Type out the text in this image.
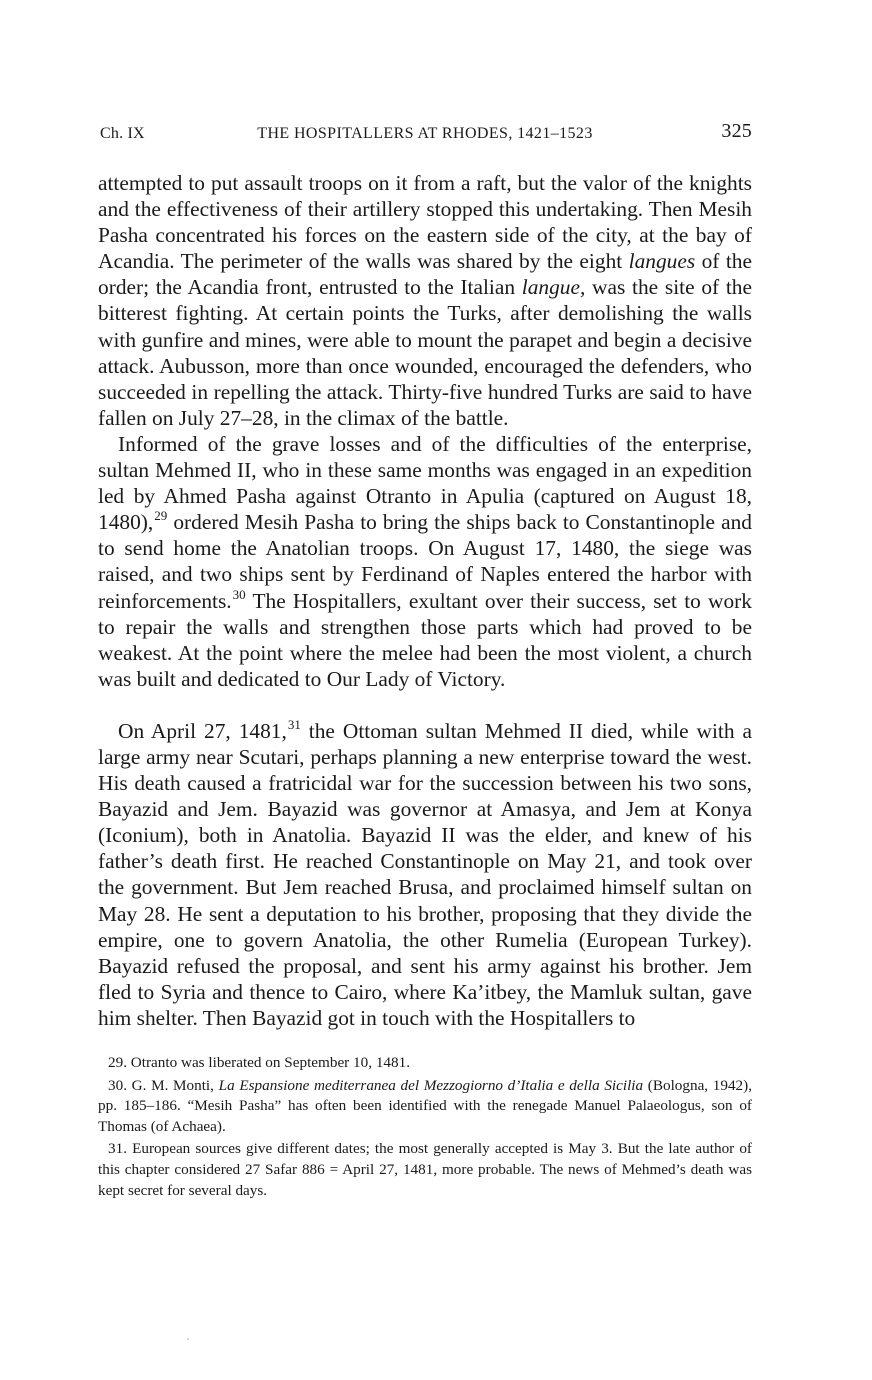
Ch. IX	THE HOSPITALLERS AT RHODES, 1421–1523	325

attempted to put assault troops on it from a raft, but the valor of the knights and the effectiveness of their artillery stopped this undertaking. Then Mesih Pasha concentrated his forces on the eastern side of the city, at the bay of Acandia. The perimeter of the walls was shared by the eight langues of the order; the Acandia front, entrusted to the Italian langue, was the site of the bitterest fighting. At certain points the Turks, after demolishing the walls with gunfire and mines, were able to mount the parapet and begin a decisive attack. Aubusson, more than once wounded, encouraged the defenders, who succeeded in repelling the attack. Thirty-five hundred Turks are said to have fallen on July 27–28, in the climax of the battle.

Informed of the grave losses and of the difficulties of the enterprise, sultan Mehmed II, who in these same months was engaged in an expedition led by Ahmed Pasha against Otranto in Apulia (captured on August 18, 1480),$^{29}$ ordered Mesih Pasha to bring the ships back to Constantinople and to send home the Anatolian troops. On August 17, 1480, the siege was raised, and two ships sent by Ferdinand of Naples entered the harbor with reinforcements.$^{30}$ The Hospitallers, exultant over their success, set to work to repair the walls and strengthen those parts which had proved to be weakest. At the point where the melee had been the most violent, a church was built and dedicated to Our Lady of Victory.

On April 27, 1481,31 the Ottoman sultan Mehmed II died, while with a large army near Scutari, perhaps planning a new enterprise toward the west. His death caused a fratricidal war for the succession between his two sons, Bayazid and Jem. Bayazid was governor at Amasya, and Jem at Konya (Iconium), both in Anatolia. Bayazid II was the elder, and knew of his father’s death first. He reached Constantinople on May 21, and took over the government. But Jem reached Brusa, and proclaimed himself sultan on May 28. He sent a deputation to his brother, proposing that they divide the empire, one to govern Anatolia, the other Rumelia (European Turkey). Bayazid refused the proposal, and sent his army against his brother. Jem fled to Syria and thence to Cairo, where Ka’itbey, the Mamluk sultan, gave him shelter. Then Bayazid got in touch with the Hospitallers to

29. Otranto was liberated on September 10, 1481.

30. G. M. Monti, La Espansione mediterranea del Mezzogiorno d’Italia e della Sicilia (Bologna, 1942), pp. 185–186. “Mesih Pasha” has often been identified with the renegade Manuel Palaeologus, son of Thomas (of Achaea).

31. European sources give different dates; the most generally accepted is May 3. But the late author of this chapter considered 27 Safar 886 = April 27, 1481, more probable. The news of Mehmed’s death was kept secret for several days.
